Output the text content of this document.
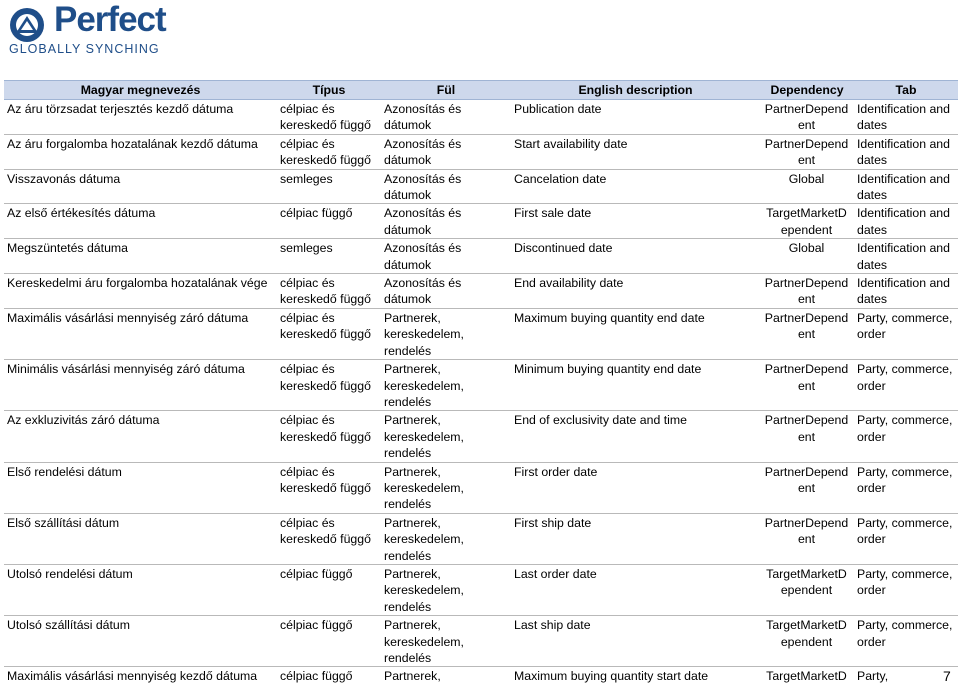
Perfect
GLOBALLY SYNCHING
Magyar megnevezés	Típus	Fül	English description	Dependency	Tab
Az áru törzsadat terjesztés kezdő dátuma	célpiac és kereskedő függő	Azonosítás és dátumok	Publication date	PartnerDependent	Identification and dates
Az áru forgalomba hozatalának kezdő dátuma	célpiac és kereskedő függő	Azonosítás és dátumok	Start availability date	PartnerDependent	Identification and dates
Visszavonás dátuma	semleges	Azonosítás és dátumok	Cancelation date	Global	Identification and dates
Az első értékesítés dátuma	célpiac függő	Azonosítás és dátumok	First sale date	TargetMarketDependent	Identification and dates
Megszüntetés dátuma	semleges	Azonosítás és dátumok	Discontinued date	Global	Identification and dates
Kereskedelmi áru forgalomba hozatalának vége	célpiac és kereskedő függő	Azonosítás és dátumok	End availability date	PartnerDependent	Identification and dates
Maximális vásárlási mennyiség záró dátuma	célpiac és kereskedő függő	Partnerek, kereskedelem, rendelés	Maximum buying quantity end date	PartnerDependent	Party, commerce, order
Minimális vásárlási mennyiség záró dátuma	célpiac és kereskedő függő	Partnerek, kereskedelem, rendelés	Minimum buying quantity end date	PartnerDependent	Party, commerce, order
Az exkluzivitás záró dátuma	célpiac és kereskedő függő	Partnerek, kereskedelem, rendelés	End of exclusivity date and time	PartnerDependent	Party, commerce, order
Első rendelési dátum	célpiac és kereskedő függő	Partnerek, kereskedelem, rendelés	First order date	PartnerDependent	Party, commerce, order
Első szállítási dátum	célpiac és kereskedő függő	Partnerek, kereskedelem, rendelés	First ship date	PartnerDependent	Party, commerce, order
Utolsó rendelési dátum	célpiac függő	Partnerek, kereskedelem, rendelés	Last order date	TargetMarketDependent	Party, commerce, order
Utolsó szállítási dátum	célpiac függő	Partnerek, kereskedelem, rendelés	Last ship date	TargetMarketDependent	Party, commerce, order
Maximális vásárlási mennyiség kezdő dátuma	célpiac függő	Partnerek,	Maximum buying quantity start date	TargetMarketD	Party,	7
